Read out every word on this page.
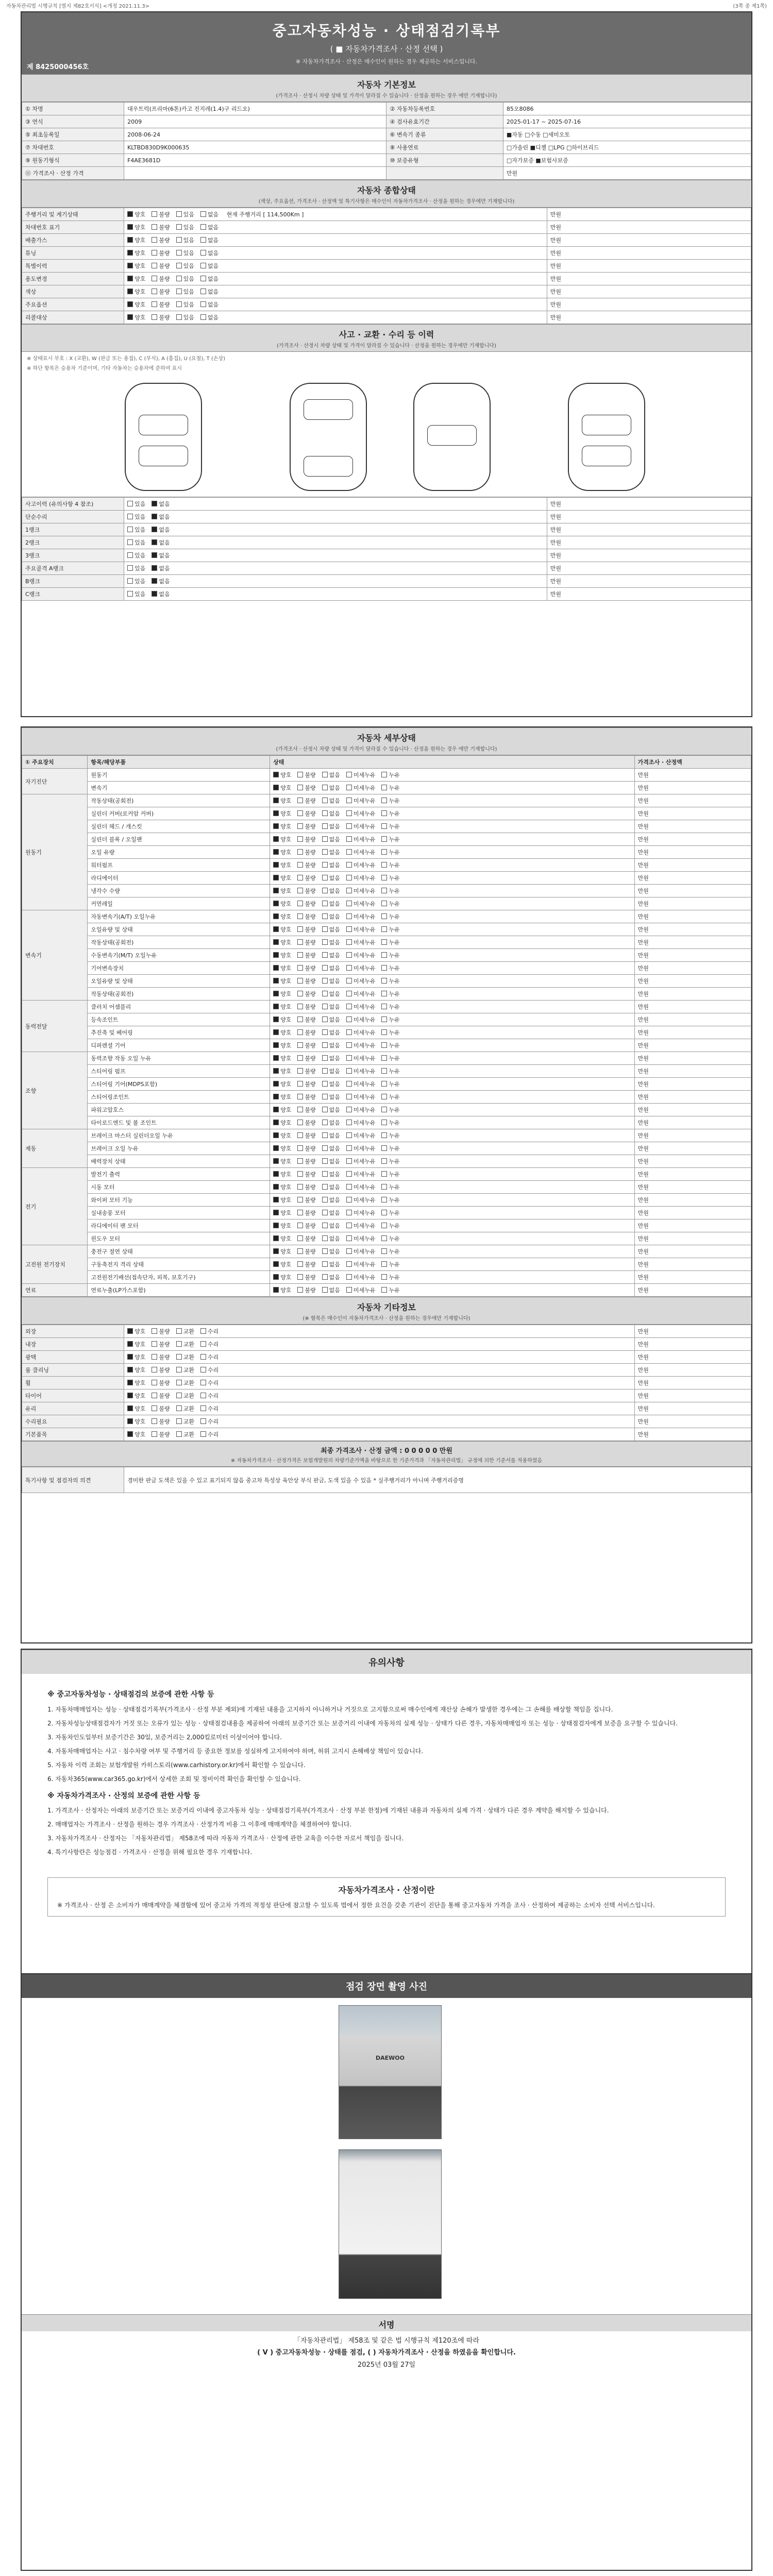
자동차관리법 시행규칙 [별지 제82호서식] <개정 2021.11.3>	(3쪽 중 제1쪽)
중고자동차성능 · 상태점검기록부
( ■ 자동차가격조사 · 산정 선택 )
※ 자동차가격조사 · 산정은 매수인이 원하는 경우 제공하는 서비스입니다.
제 8425000456호
자동차 기본정보
(가격조사 · 산정시 차량 상태 및 가격이 달라질 수 있습니다 · 산정을 원하는 경우 에만 기재합니다)
① 차명	대우트럭(프리마(6톤)카고 진지레(1.4)구 리드오)	② 자동차등록번호	85오8086
③ 연식	2009	④ 검사유효기간	2025-01-17 ~ 2025-07-16
⑤ 최초등록일	2008-06-24	⑥ 변속기 종류	■자동 □수동 □세미오토
⑦ 차대번호	KLTBD830D9K000635	⑧ 사용연료	□가솔린 ■디젤 □LPG □하이브리드
⑨ 원동기형식	F4AE3681D	⑩ 보증유형	□자가보증 ■보험사보증
⑪ 가격조사 · 산정 가격			만원
자동차 종합상태
(색상, 주요옵션, 가격조사 · 산정액 및 특기사항은 매수인이 자동차가격조사 · 산정을 원하는 경우에만 기재합니다)
주행거리 및 계기상태	양호 불량 있음 없음 현재 주행거리 [ 114,500Km ]	만원
차대번호 표기	양호 불량 있음 없음	만원
배출가스	양호 불량 있음 없음	만원
튜닝	양호 불량 있음 없음	만원
특별이력	양호 불량 있음 없음	만원
용도변경	양호 불량 있음 없음	만원
색상	양호 불량 있음 없음	만원
주요옵션	양호 불량 있음 없음	만원
리콜대상	양호 불량 있음 없음	만원
사고 · 교환 · 수리 등 이력
(가격조사 · 산정시 차량 상태 및 가격이 달라질 수 있습니다 · 산정을 원하는 경우에만 기재합니다)
※ 상태표시 부호 : X (교환), W (판금 또는 용접), C (부식), A (흠집), U (요철), T (손상)
※ 하단 항목은 승용차 기준이며, 기타 자동차는 승용차에 준하여 표시
사고이력 (유의사항 4 참조)	있음 없음	만원
단순수리	있음 없음	만원
1랭크	있음 없음	만원
2랭크	있음 없음	만원
3랭크	있음 없음	만원
주요골격 A랭크	있음 없음	만원
B랭크	있음 없음	만원
C랭크	있음 없음	만원
자동차 세부상태
(가격조사 · 산정시 차량 상태 및 가격이 달라질 수 있습니다 · 산정을 원하는 경우 에만 기재합니다)
① 주요장치	항목/해당부품	상태	가격조사 · 산정액
자기진단	원동기	양호 불량 없음 미세누유 누유	만원
	변속기	양호 불량 없음 미세누유 누유	만원
원동기	작동상태(공회전)	양호 불량 없음 미세누유 누유	만원
	실린더 커버(로커암 커버)	양호 불량 없음 미세누유 누유	만원
	실린더 헤드 / 개스킷	양호 불량 없음 미세누유 누유	만원
	실린더 블록 / 오일팬	양호 불량 없음 미세누유 누유	만원
	오일 유량	양호 불량 없음 미세누유 누유	만원
	워터펌프	양호 불량 없음 미세누유 누유	만원
	라디에이터	양호 불량 없음 미세누유 누유	만원
	냉각수 수량	양호 불량 없음 미세누유 누유	만원
	커먼레일	양호 불량 없음 미세누유 누유	만원
변속기	자동변속기(A/T) 오일누유	양호 불량 없음 미세누유 누유	만원
	오일유량 및 상태	양호 불량 없음 미세누유 누유	만원
	작동상태(공회전)	양호 불량 없음 미세누유 누유	만원
	수동변속기(M/T) 오일누유	양호 불량 없음 미세누유 누유	만원
	기어변속장치	양호 불량 없음 미세누유 누유	만원
	오일유량 및 상태	양호 불량 없음 미세누유 누유	만원
	작동상태(공회전)	양호 불량 없음 미세누유 누유	만원
동력전달	클러치 어셈블리	양호 불량 없음 미세누유 누유	만원
	등속조인트	양호 불량 없음 미세누유 누유	만원
	추진축 및 베어링	양호 불량 없음 미세누유 누유	만원
	디퍼렌셜 기어	양호 불량 없음 미세누유 누유	만원
조향	동력조향 작동 오일 누유	양호 불량 없음 미세누유 누유	만원
	스티어링 펌프	양호 불량 없음 미세누유 누유	만원
	스티어링 기어(MDPS포함)	양호 불량 없음 미세누유 누유	만원
	스티어링조인트	양호 불량 없음 미세누유 누유	만원
	파워고압호스	양호 불량 없음 미세누유 누유	만원
	타이로드엔드 및 볼 조인트	양호 불량 없음 미세누유 누유	만원
제동	브레이크 마스터 실린더오일 누유	양호 불량 없음 미세누유 누유	만원
	브레이크 오일 누유	양호 불량 없음 미세누유 누유	만원
	배력장치 상태	양호 불량 없음 미세누유 누유	만원
전기	발전기 출력	양호 불량 없음 미세누유 누유	만원
	시동 모터	양호 불량 없음 미세누유 누유	만원
	와이퍼 모터 기능	양호 불량 없음 미세누유 누유	만원
	실내송풍 모터	양호 불량 없음 미세누유 누유	만원
	라디에이터 팬 모터	양호 불량 없음 미세누유 누유	만원
	윈도우 모터	양호 불량 없음 미세누유 누유	만원
고전원 전기장치	충전구 절연 상태	양호 불량 없음 미세누유 누유	만원
	구동축전지 격리 상태	양호 불량 없음 미세누유 누유	만원
	고전원전기배선(접속단자, 피복, 보호기구)	양호 불량 없음 미세누유 누유	만원
연료	연료누출(LP가스포함)	양호 불량 없음 미세누유 누유	만원
자동차 기타정보
(※ 항목은 매수인이 자동차가격조사 · 산정을 원하는 경우에만 기재합니다)
외장	양호 불량 교환 수리	만원
내장	양호 불량 교환 수리	만원
광택	양호 불량 교환 수리	만원
룸 클리닝	양호 불량 교환 수리	만원
휠	양호 불량 교환 수리	만원
타이어	양호 불량 교환 수리	만원
유리	양호 불량 교환 수리	만원
수리필요	양호 불량 교환 수리	만원
기본품목	양호 불량 교환 수리	만원
최종 가격조사 · 산정 금액 : 0 0 0 0 0 만원
※ 자동차가격조사 · 산정가격은 보험개발원의 차량기준가액을 바탕으로 한 기준가격과 「자동차관리법」 규정에 의한 기준서를 적용하였음
특기사항 및 점검자의 의견	경미한 판금 도색은 있을 수 있고 표기되지 않음 중고차 특성상 육안상 부식 판금, 도색 있을 수 있음 * 실주행거리가 아니며 주행거리증명
유의사항
※ 중고자동차성능 · 상태점검의 보증에 관한 사항 등

1. 자동차매매업자는 성능 · 상태점검기록부(가격조사 · 산정 부분 제외)에 기재된 내용을 고지하지 아니하거나 거짓으로 고지함으로써 매수인에게 재산상 손해가 발생한 경우에는 그 손해를 배상할 책임을 집니다.

2. 자동차성능상태점검자가 거짓 또는 오류가 있는 성능 · 상태점검내용을 제공하여 아래의 보증기간 또는 보증거리 이내에 자동차의 실제 성능 · 상태가 다른 경우, 자동차매매업자 또는 성능 · 상태점검자에게 보증을 요구할 수 있습니다.

3. 자동차인도일부터 보증기간은 30일, 보증거리는 2,000킬로미터 이상이어야 합니다.

4. 자동차매매업자는 사고 · 침수차량 여부 및 주행거리 등 중요한 정보를 성실하게 고지하여야 하며, 허위 고지시 손해배상 책임이 있습니다.

5. 자동차 이력 조회는 보험개발원 카히스토리(www.carhistory.or.kr)에서 확인할 수 있습니다.

6. 자동차365(www.car365.go.kr)에서 상세한 조회 및 정비이력 확인을 확인할 수 있습니다.

※ 자동차가격조사 · 산정의 보증에 관한 사항 등

1. 가격조사 · 산정자는 아래의 보증기간 또는 보증거리 이내에 중고자동차 성능 · 상태점검기록부(가격조사 · 산정 부분 한정)에 기재된 내용과 자동차의 실제 가격 · 상태가 다른 경우 계약을 해지할 수 있습니다.

2. 매매업자는 가격조사 · 산정을 원하는 경우 가격조사 · 산정가격 비용 그 이후에 매매계약을 체결하여야 합니다.

3. 자동차가격조사 · 산정자는 「자동차관리법」 제58조에 따라 자동차 가격조사 · 산정에 관한 교육을 이수한 자로서 책임을 집니다.

4. 특기사항란은 성능점검 · 가격조사 · 산정을 위해 필요한 경우 기재합니다.

자동차가격조사 · 산정이란
※ 가격조사 · 산정 은 소비자가 매매계약을 체결함에 있어 중고차 가격의 적정성 판단에 참고할 수 있도록 법에서 정한 요건을 갖춘 기관이 진단을 통해 중고자동차 가격을 조사 · 산정하여 제공하는 소비자 선택 서비스입니다.
점검 장면 촬영 사진
DAEWOO
서명
「자동차관리법」 제58조 및 같은 법 시행규칙 제120조에 따라
( V ) 중고자동차성능 · 상태를 점검, ( ) 자동차가격조사 · 산정을 하였음을 확인합니다.
2025년 03월 27일
